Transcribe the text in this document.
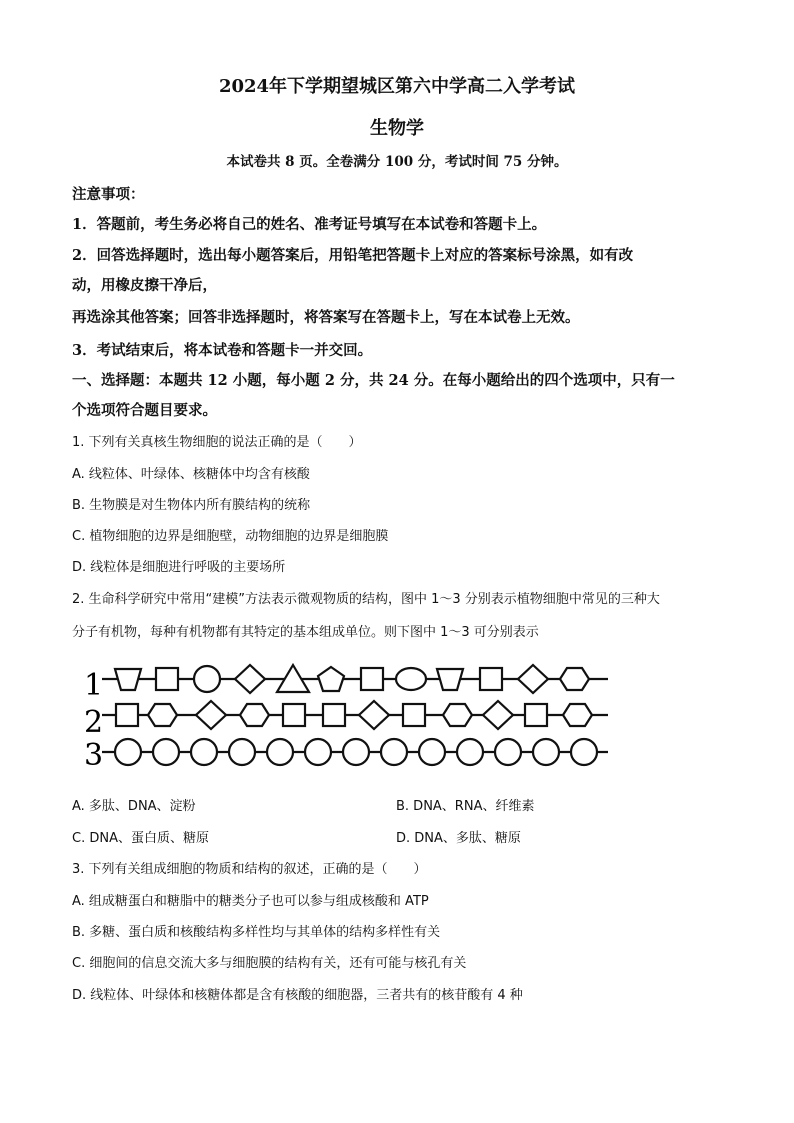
2024年下学期望城区第六中学高二入学考试
生物学
本试卷共 8 页。全卷满分 100 分，考试时间 75 分钟。
注意事项：
1．答题前，考生务必将自己的姓名、准考证号填写在本试卷和答题卡上。
2．回答选择题时，选出每小题答案后，用铅笔把答题卡上对应的答案标号涂黑，如有改
动，用橡皮擦干净后，
再选涂其他答案；回答非选择题时，将答案写在答题卡上，写在本试卷上无效。
3．考试结束后，将本试卷和答题卡一并交回。
一、选择题：本题共 12 小题，每小题 2 分，共 24 分。在每小题给出的四个选项中，只有一
个选项符合题目要求。
1. 下列有关真核生物细胞的说法正确的是（　　）
A. 线粒体、叶绿体、核糖体中均含有核酸
B. 生物膜是对生物体内所有膜结构的统称
C. 植物细胞的边界是细胞壁，动物细胞的边界是细胞膜
D. 线粒体是细胞进行呼吸的主要场所
2. 生命科学研究中常用“建模”方法表示微观物质的结构，图中 1～3 分别表示植物细胞中常见的三种大
分子有机物，每种有机物都有其特定的基本组成单位。则下图中 1～3 可分别表示
1
2
3
A. 多肽、DNA、淀粉	B. DNA、RNA、纤维素
C. DNA、蛋白质、糖原	D. DNA、多肽、糖原
3. 下列有关组成细胞的物质和结构的叙述，正确的是（　　）
A. 组成糖蛋白和糖脂中的糖类分子也可以参与组成核酸和 ATP
B. 多糖、蛋白质和核酸结构多样性均与其单体的结构多样性有关
C. 细胞间的信息交流大多与细胞膜的结构有关，还有可能与核孔有关
D. 线粒体、叶绿体和核糖体都是含有核酸的细胞器，三者共有的核苷酸有 4 种
